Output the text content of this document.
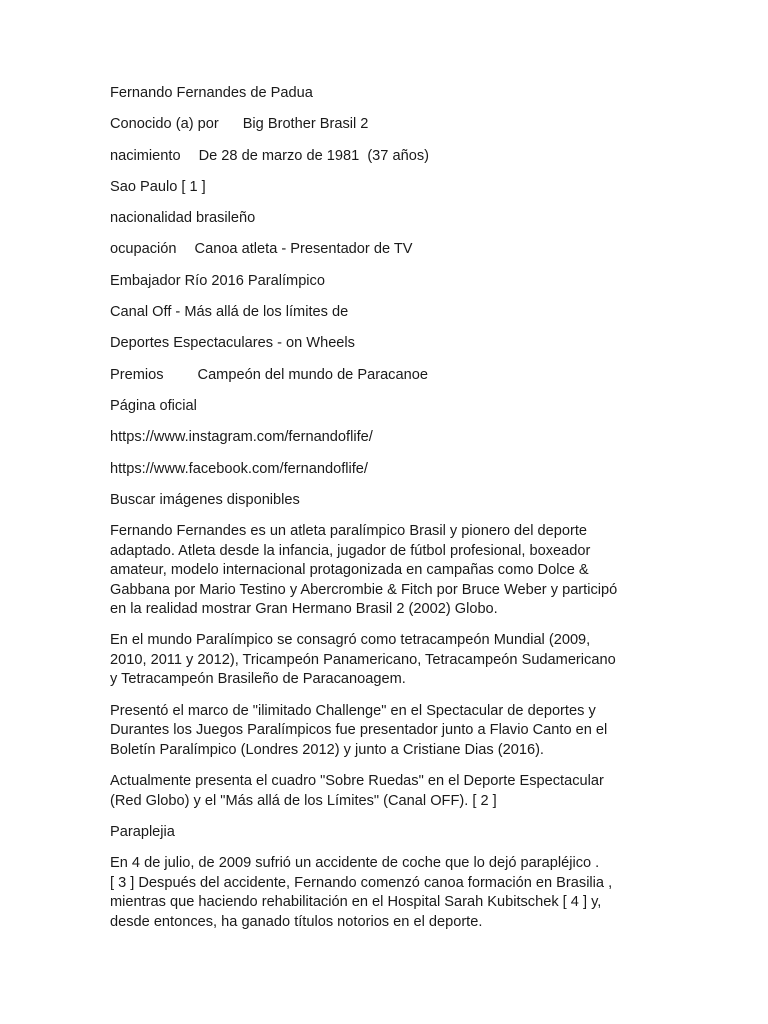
Fernando Fernandes de Padua
Conocido (a) por Big Brother Brasil 2
nacimiento De 28 de marzo de 1981  (37 años)
Sao Paulo [ 1 ]
nacionalidad brasileño
ocupación Canoa atleta - Presentador de TV
Embajador Río 2016 Paralímpico
Canal Off - Más allá de los límites de
Deportes Espectaculares - on Wheels
Premios Campeón del mundo de Paracanoe
Página oficial
https://www.instagram.com/fernandoflife/
https://www.facebook.com/fernandoflife/
Buscar imágenes disponibles
Fernando Fernandes es un atleta paralímpico Brasil y pionero del deporte
adaptado. Atleta desde la infancia, jugador de fútbol profesional, boxeador
amateur, modelo internacional protagonizada en campañas como Dolce &
Gabbana por Mario Testino y Abercrombie & Fitch por Bruce Weber y participó
en la realidad mostrar Gran Hermano Brasil 2 (2002) Globo.
En el mundo Paralímpico se consagró como tetracampeón Mundial (2009,
2010, 2011 y 2012), Tricampeón Panamericano, Tetracampeón Sudamericano
y Tetracampeón Brasileño de Paracanoagem.
Presentó el marco de "ilimitado Challenge" en el Spectacular de deportes y
Durantes los Juegos Paralímpicos fue presentador junto a Flavio Canto en el
Boletín Paralímpico (Londres 2012) y junto a Cristiane Dias (2016).
Actualmente presenta el cuadro "Sobre Ruedas" en el Deporte Espectacular
(Red Globo) y el "Más allá de los Límites" (Canal OFF). [ 2 ]
Paraplejia
En 4 de julio, de 2009 sufrió un accidente de coche que lo dejó parapléjico .
[ 3 ] Después del accidente, Fernando comenzó canoa formación en Brasilia ,
mientras que haciendo rehabilitación en el Hospital Sarah Kubitschek [ 4 ] y,
desde entonces, ha ganado títulos notorios en el deporte.
